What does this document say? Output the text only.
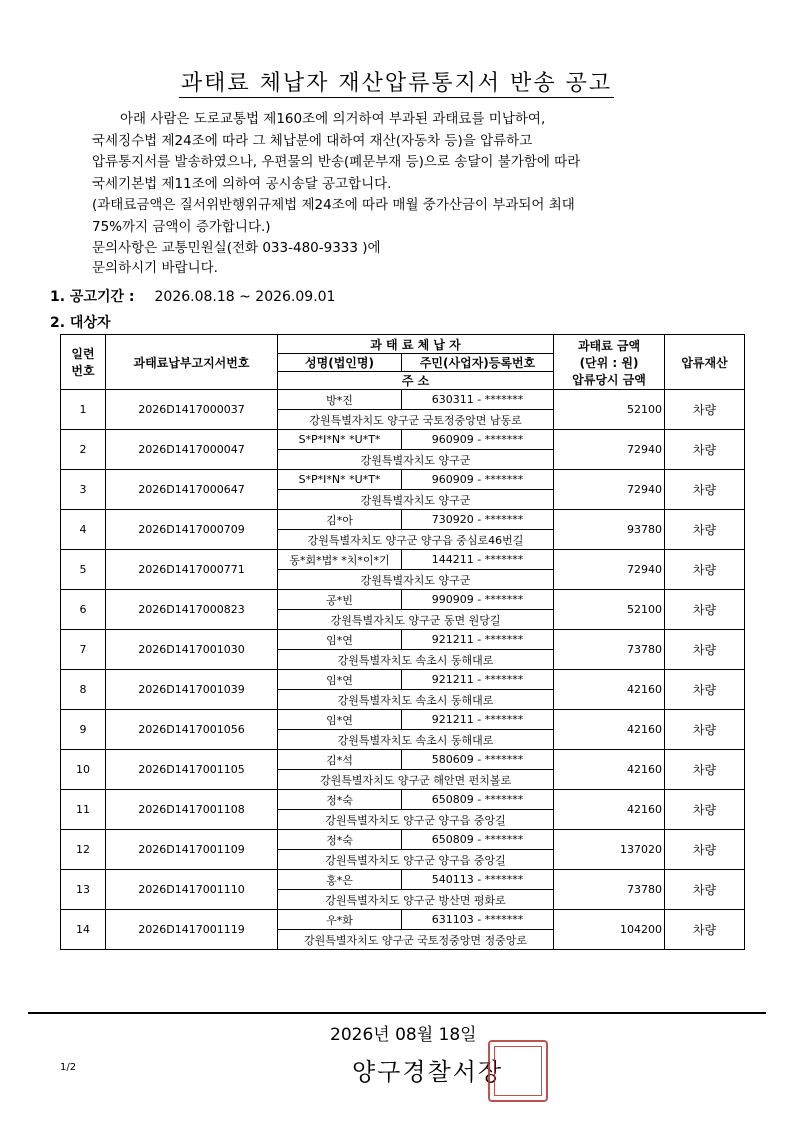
과태료 체납자 재산압류통지서 반송 공고
아래 사람은 도로교통법 제160조에 의거하여 부과된 과태료를 미납하여,
국세징수법 제24조에 따라 그 체납분에 대하여 재산(자동차 등)을 압류하고
압류통지서를 발송하였으나, 우편물의 반송(폐문부재 등)으로 송달이 불가함에 따라
국세기본법 제11조에 의하여 공시송달 공고합니다.
(과태료금액은 질서위반행위규제법 제24조에 따라 매월 중가산금이 부과되어 최대
75%까지 금액이 증가합니다.)
문의사항은 교통민원실(전화 033-480-9333 )에
문의하시기 바랍니다.
1. 공고기간 : 2026.08.18 ~ 2026.09.01
2. 대상자
일련
번호	과태료납부고지서번호	과 태 료 체 납 자		과태료 금액
(단위 : 원)
압류당시 금액	압류재산
		성명(법인명)	주민(사업자)등록번호		
		주 소			
1	2026D1417000037	방*진	630311 - *******	52100	차량
		강원특별자치도 양구군 국토정중앙면 남동로			
2	2026D1417000047	S*P*I*N* *U*T*	960909 - *******	72940	차량
		강원특별자치도 양구군			
3	2026D1417000647	S*P*I*N* *U*T*	960909 - *******	72940	차량
		강원특별자치도 양구군			
4	2026D1417000709	김*아	730920 - *******	93780	차량
		강원특별자치도 양구군 양구읍 중심로46번길			
5	2026D1417000771	동*회*법* *치*이*기	144211 - *******	72940	차량
		강원특별자치도 양구군			
6	2026D1417000823	공*빈	990909 - *******	52100	차량
		강원특별자치도 양구군 동면 원당길			
7	2026D1417001030	임*연	921211 - *******	73780	차량
		강원특별자치도 속초시 동해대로			
8	2026D1417001039	임*연	921211 - *******	42160	차량
		강원특별자치도 속초시 동해대로			
9	2026D1417001056	임*연	921211 - *******	42160	차량
		강원특별자치도 속초시 동해대로			
10	2026D1417001105	김*석	580609 - *******	42160	차량
		강원특별자치도 양구군 해안면 펀치볼로			
11	2026D1417001108	정*숙	650809 - *******	42160	차량
		강원특별자치도 양구군 양구읍 중앙길			
12	2026D1417001109	정*숙	650809 - *******	137020	차량
		강원특별자치도 양구군 양구읍 중앙길			
13	2026D1417001110	홍*은	540113 - *******	73780	차량
		강원특별자치도 양구군 방산면 평화로			
14	2026D1417001119	우*화	631103 - *******	104200	차량
		강원특별자치도 양구군 국토정중앙면 정중앙로			
2026년 08월 18일
1/2	양구경찰서장
